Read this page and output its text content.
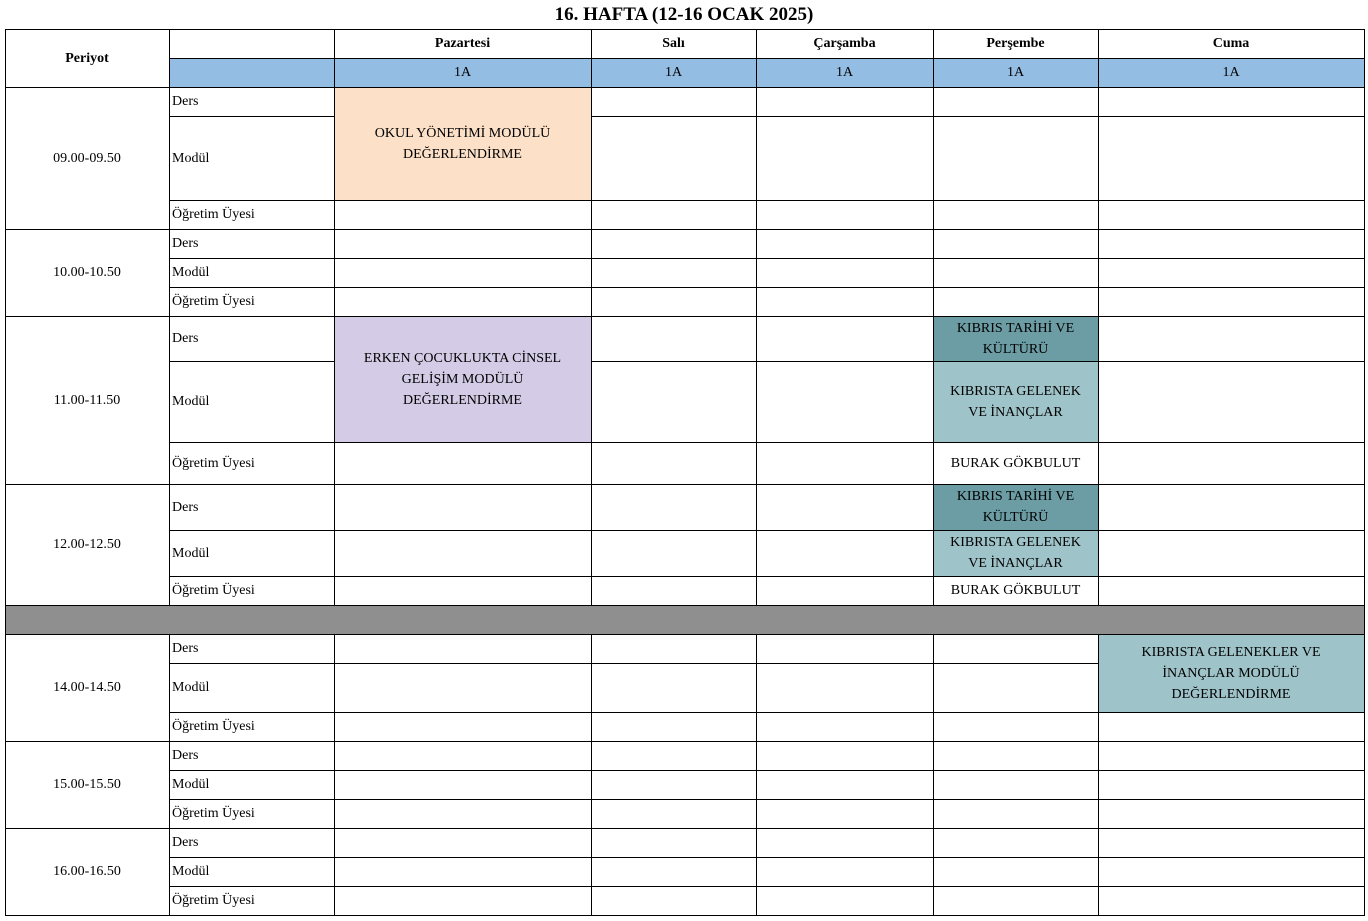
16. HAFTA (12-16 OCAK 2025)
Periyot
Pazartesi
1A
Salı
1A
Çarşamba
1A
Perşembe
1A
Cuma
1A
09.00-09.50
Ders
Modül
Öğretim Üyesi
10.00-10.50
Ders
Modül
Öğretim Üyesi
11.00-11.50
Ders
Modül
Öğretim Üyesi
12.00-12.50
Ders
Modül
Öğretim Üyesi
14.00-14.50
Ders
Modül
Öğretim Üyesi
15.00-15.50
Ders
Modül
Öğretim Üyesi
16.00-16.50
Ders
Modül
Öğretim Üyesi
OKUL YÖNETİMİ MODÜLÜ DEĞERLENDİRME
ERKEN ÇOCUKLUKTA CİNSEL GELİŞİM MODÜLÜ DEĞERLENDİRME
KIBRIS TARİHİ VE KÜLTÜRÜ
KIBRISTA GELENEK VE İNANÇLAR
BURAK GÖKBULUT
KIBRIS TARİHİ VE KÜLTÜRÜ
KIBRISTA GELENEK VE İNANÇLAR
BURAK GÖKBULUT
KIBRISTA GELENEKLER VE İNANÇLAR MODÜLÜ DEĞERLENDİRME
